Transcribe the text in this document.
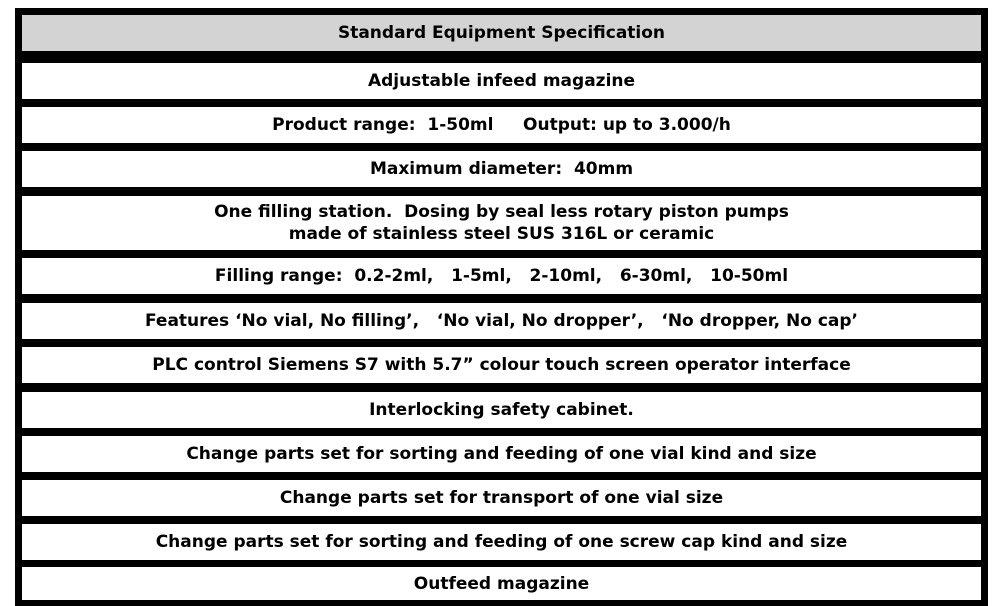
Standard Equipment Specification
Adjustable infeed magazine
Product range:  1-50ml     Output: up to 3.000/h
Maximum diameter:  40mm
One filling station.  Dosing by seal less rotary piston pumps
made of stainless steel SUS 316L or ceramic
Filling range:  0.2-2ml,   1-5ml,   2-10ml,   6-30ml,   10-50ml
Features ‘No vial, No filling’,   ‘No vial, No dropper’,   ‘No dropper, No cap’
PLC control Siemens S7 with 5.7” colour touch screen operator interface
Interlocking safety cabinet.
Change parts set for sorting and feeding of one vial kind and size
Change parts set for transport of one vial size
Change parts set for sorting and feeding of one screw cap kind and size
Outfeed magazine
